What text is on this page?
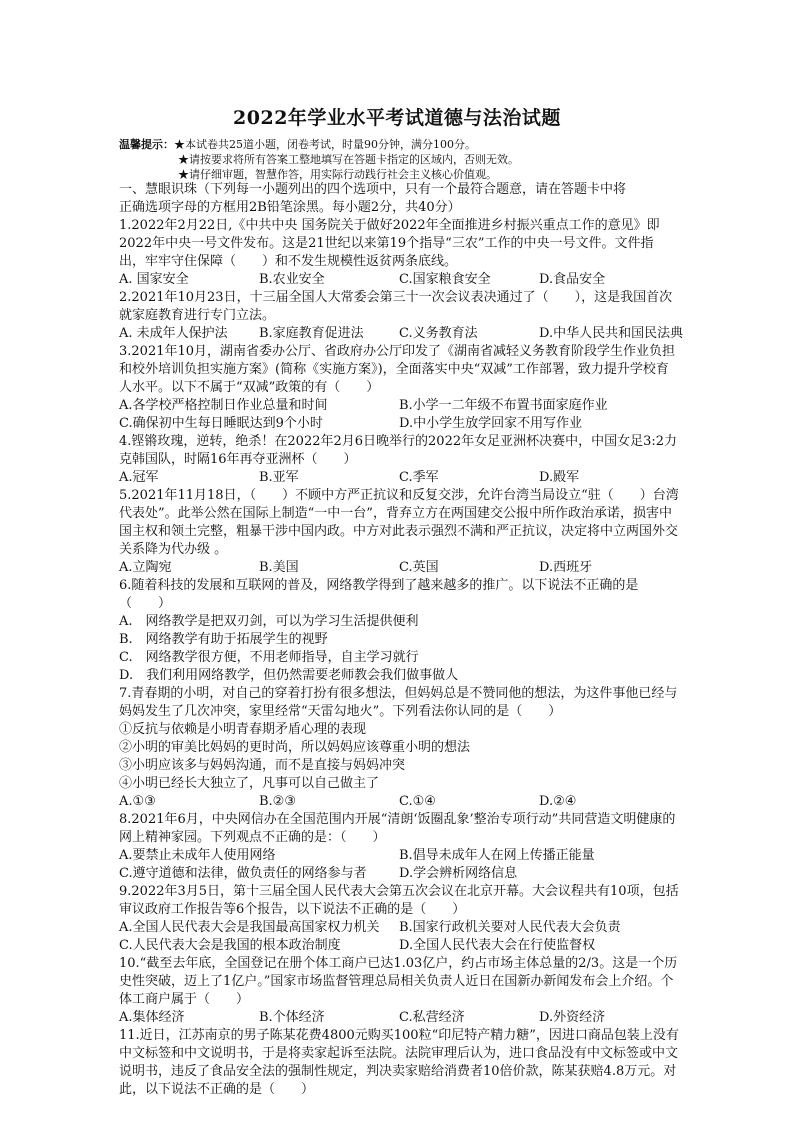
2022年学业水平考试道德与法治试题
温馨提示：★本试卷共25道小题，闭卷考试，时量90分钟，满分100分。
★请按要求将所有答案工整地填写在答题卡指定的区域内，否则无效。
★请仔细审题，智慧作答，用实际行动践行社会主义核心价值观。

一、慧眼识珠（下列每一小题列出的四个选项中，只有一个最符合题意，请在答题卡中将

正确选项字母的方框用2B铅笔涂黑。每小题2分，共40分）

1.2022年2月22日,《中共中央 国务院关于做好2022年全面推进乡村振兴重点工作的意见》即2022年中央一号文件发布。这是21世纪以来第19个指导“三农”工作的中央一号文件。文件指出，牢牢守住保障（　　）和不发生规模性返贫两条底线。

A. 国家安全	B.农业安全	C.国家粮食安全	D.食品安全

2.2021年10月23日，十三届全国人大常委会第三十一次会议表决通过了（　　），这是我国首次就家庭教育进行专门立法。

A. 未成年人保护法	B.家庭教育促进法	C.义务教育法	D.中华人民共和国民法典

3.2021年10月，湖南省委办公厅、省政府办公厅印发了《湖南省减轻义务教育阶段学生作业负担和校外培训负担实施方案》(简称《实施方案》)，全面落实中央“双减”工作部署，致力提升学校育人水平。以下不属于“双减”政策的有（　　）

A.各学校严格控制日作业总量和时间	B.小学一二年级不布置书面家庭作业
C.确保初中生每日睡眠达到9个小时	D.中小学生放学回家不用写作业

4.铿锵玫瑰，逆转，绝杀！在2022年2月6日晚举行的2022年女足亚洲杯决赛中，中国女足3:2力克韩国队，时隔16年再夺亚洲杯（　　）

A.冠军	B.亚军	C.季军	D.殿军

5.2021年11月18日，（　　）不顾中方严正抗议和反复交涉，允许台湾当局设立“驻（　　）台湾代表处”。此举公然在国际上制造“一中一台”，背弃立方在两国建交公报中所作政治承诺，损害中国主权和领土完整，粗暴干涉中国内政。中方对此表示强烈不满和严正抗议，决定将中立两国外交关系降为代办级 。

A.立陶宛	B.美国	C.英国	D.西班牙

6.随着科技的发展和互联网的普及，网络教学得到了越来越多的推广。以下说法不正确的是（　　）

A.　网络教学是把双刃剑，可以为学习生活提供便利

B.　网络教学有助于拓展学生的视野

C.　网络教学很方便，不用老师指导，自主学习就行

D.　我们利用网络教学，但仍然需要老师教会我们做事做人

7.青春期的小明，对自己的穿着打扮有很多想法，但妈妈总是不赞同他的想法，为这件事他已经与妈妈发生了几次冲突，家里经常“天雷勾地火”。下列看法你认同的是（　　）

①反抗与依赖是小明青春期矛盾心理的表现

②小明的审美比妈妈的更时尚，所以妈妈应该尊重小明的想法

③小明应该多与妈妈沟通，而不是直接与妈妈冲突

④小明已经长大独立了，凡事可以自己做主了

A.①③	B.②③	C.①④	D.②④

8.2021年6月，中央网信办在全国范围内开展“清朗‘饭圈乱象’整治专项行动”共同营造文明健康的网上精神家园。下列观点不正确的是：（　　）

A.要禁止未成年人使用网络	B.倡导未成年人在网上传播正能量
C.遵守道德和法律，做负责任的网络参与者	D.学会辨析网络信息

9.2022年3月5日，第十三届全国人民代表大会第五次会议在北京开幕。大会议程共有10项，包括审议政府工作报告等6个报告，以下说法不正确的是（　　）

A.全国人民代表大会是我国最高国家权力机关	B.国家行政机关要对人民代表大会负责
C.人民代表大会是我国的根本政治制度	D.全国人民代表大会在行使监督权

10.“截至去年底，全国登记在册个体工商户已达1.03亿户，约占市场主体总量的2/3。这是一个历史性突破，迈上了1亿户。”国家市场监督管理总局相关负责人近日在国新办新闻发布会上介绍。个体工商户属于（　　）

A.集体经济	B.个体经济	C.私营经济	D.外资经济

11.近日，江苏南京的男子陈某花费4800元购买100粒“印尼特产精力糖”，因进口商品包装上没有中文标签和中文说明书，于是将卖家起诉至法院。法院审理后认为，进口食品没有中文标签或中文说明书，违反了食品安全法的强制性规定，判决卖家赔给消费者10倍价款，陈某获赔4.8万元。对此，以下说法不正确的是（　　）
